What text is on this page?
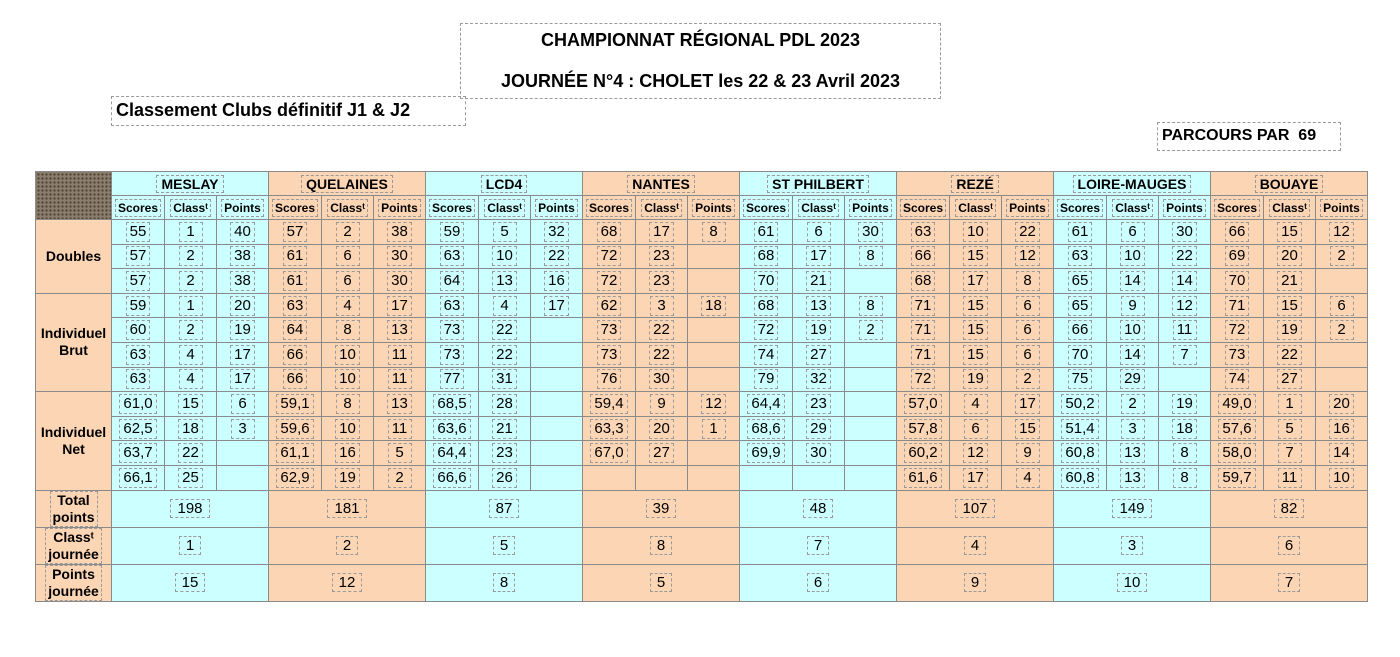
CHAMPIONNAT RÉGIONAL PDL 2023
JOURNÉE N°4 : CHOLET les 22 & 23 Avril 2023
Classement Clubs définitif J1 & J2
PARCOURS PAR  69
	MESLAY			QUELAINES			LCD4			NANTES			ST PHILBERT			REZÉ			LOIRE-MAUGES			BOUAYE		
	Scores	Classᵗ	Points	Scores	Classᵗ	Points	Scores	Classᵗ	Points	Scores	Classᵗ	Points	Scores	Classᵗ	Points	Scores	Classᵗ	Points	Scores	Classᵗ	Points	Scores	Classᵗ	Points

Doubles	55	1	40	57	2	38	59	5	32	68	17	8	61	6	30	63	10	22	61	6	30	66	15	12
	57	2	38	61	6	30	63	10	22	72	23		68	17	8	66	15	12	63	10	22	69	20	2
	57	2	38	61	6	30	64	13	16	72	23		70	21		68	17	8	65	14	14	70	21	

Individuel
Brut	59	1	20	63	4	17	63	4	17	62	3	18	68	13	8	71	15	6	65	9	12	71	15	6
	60	2	19	64	8	13	73	22		73	22		72	19	2	71	15	6	66	10	11	72	19	2
	63	4	17	66	10	11	73	22		73	22		74	27		71	15	6	70	14	7	73	22	
	63	4	17	66	10	11	77	31		76	30		79	32		72	19	2	75	29		74	27	

Individuel
Net	61,0	15	6	59,1	8	13	68,5	28		59,4	9	12	64,4	23		57,0	4	17	50,2	2	19	49,0	1	20
	62,5	18	3	59,6	10	11	63,6	21		63,3	20	1	68,6	29		57,8	6	15	51,4	3	18	57,6	5	16
	63,7	22		61,1	16	5	64,4	23		67,0	27		69,9	30		60,2	12	9	60,8	13	8	58,0	7	14
	66,1	25		62,9	19	2	66,6	26								61,6	17	4	60,8	13	8	59,7	11	10

Total
points	198			181			87			39			48			107			149			82		

Classᵗ
journée	1			2			5			8			7			4			3			6		

Points
journée	15			12			8			5			6			9			10			7		
